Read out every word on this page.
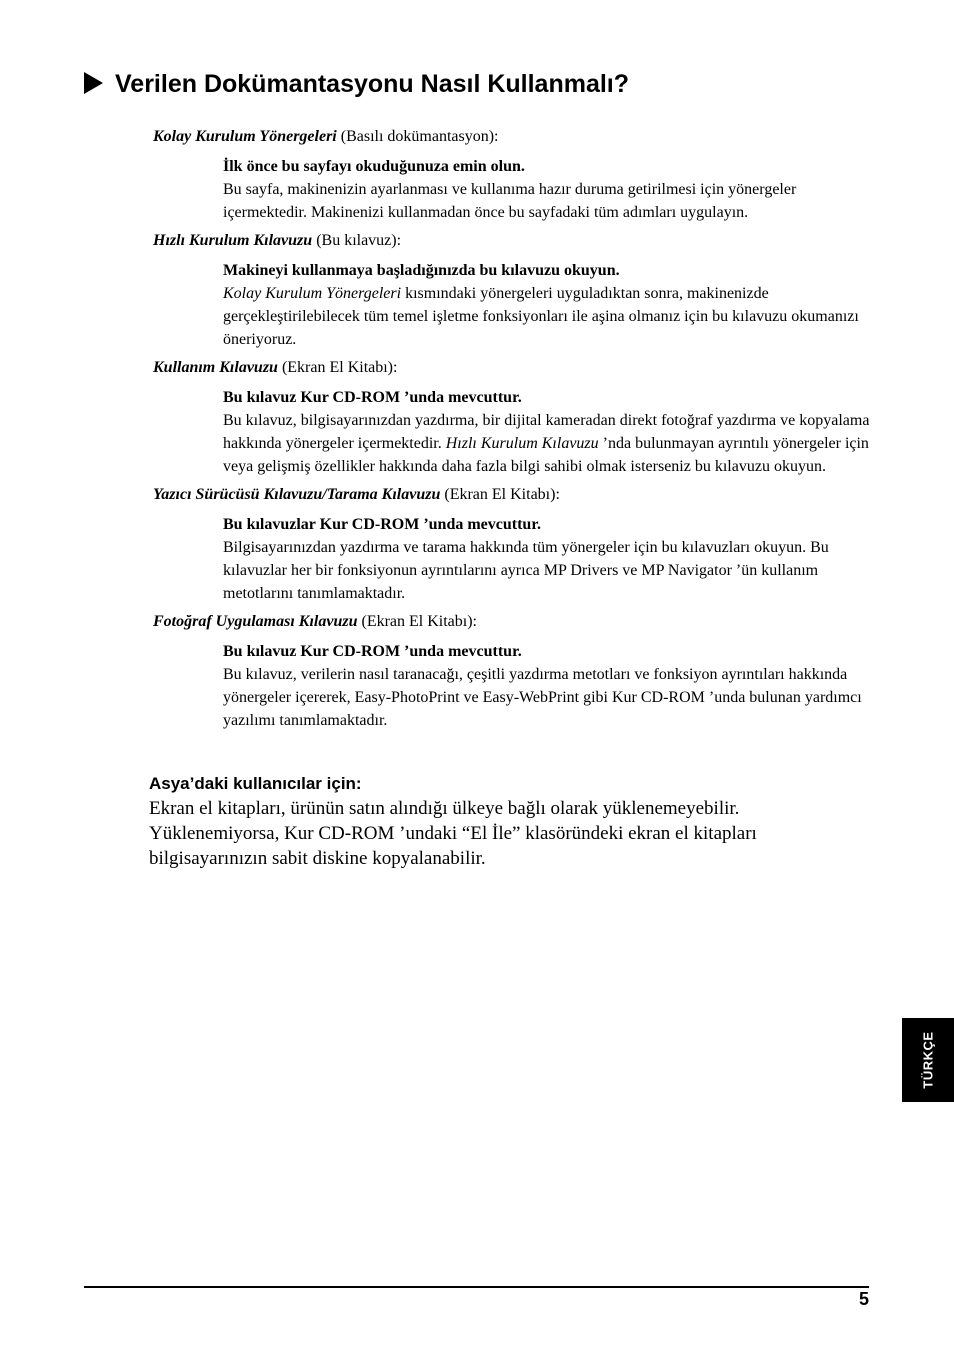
Verilen Dokümantasyonu Nasıl Kullanmalı?
Kolay Kurulum Yönergeleri (Basılı dokümantasyon):
İlk önce bu sayfayı okuduğunuza emin olun.
Bu sayfa, makinenizin ayarlanması ve kullanıma hazır duruma getirilmesi için yönergeler içermektedir. Makinenizi kullanmadan önce bu sayfadaki tüm adımları uygulayın.
Hızlı Kurulum Kılavuzu (Bu kılavuz):
Makineyi kullanmaya başladığınızda bu kılavuzu okuyun.
Kolay Kurulum Yönergeleri kısmındaki yönergeleri uyguladıktan sonra, makinenizde gerçekleştirilebilecek tüm temel işletme fonksiyonları ile aşina olmanız için bu kılavuzu okumanızı öneriyoruz.
Kullanım Kılavuzu (Ekran El Kitabı):
Bu kılavuz Kur CD-ROM ’unda mevcuttur.
Bu kılavuz, bilgisayarınızdan yazdırma, bir dijital kameradan direkt fotoğraf yazdırma ve kopyalama hakkında yönergeler içermektedir. Hızlı Kurulum Kılavuzu ’nda bulunmayan ayrıntılı yönergeler için veya gelişmiş özellikler hakkında daha fazla bilgi sahibi olmak isterseniz bu kılavuzu okuyun.
Yazıcı Sürücüsü Kılavuzu/Tarama Kılavuzu (Ekran El Kitabı):
Bu kılavuzlar Kur CD-ROM ’unda mevcuttur.
Bilgisayarınızdan yazdırma ve tarama hakkında tüm yönergeler için bu kılavuzları okuyun. Bu kılavuzlar her bir fonksiyonun ayrıntılarını ayrıca MP Drivers ve MP Navigator ’ün kullanım metotlarını tanımlamaktadır.
Fotoğraf Uygulaması Kılavuzu (Ekran El Kitabı):
Bu kılavuz Kur CD-ROM ’unda mevcuttur.
Bu kılavuz, verilerin nasıl taranacağı, çeşitli yazdırma metotları ve fonksiyon ayrıntıları hakkında yönergeler içererek, Easy-PhotoPrint ve Easy-WebPrint gibi Kur CD-ROM ’unda bulunan yardımcı yazılımı tanımlamaktadır.
Asya’daki kullanıcılar için:
Ekran el kitapları, ürünün satın alındığı ülkeye bağlı olarak yüklenemeyebilir. Yüklenemiyorsa, Kur CD-ROM ’undaki “El İle” klasöründeki ekran el kitapları bilgisayarınızın sabit diskine kopyalanabilir.
TÜRKÇE
5
